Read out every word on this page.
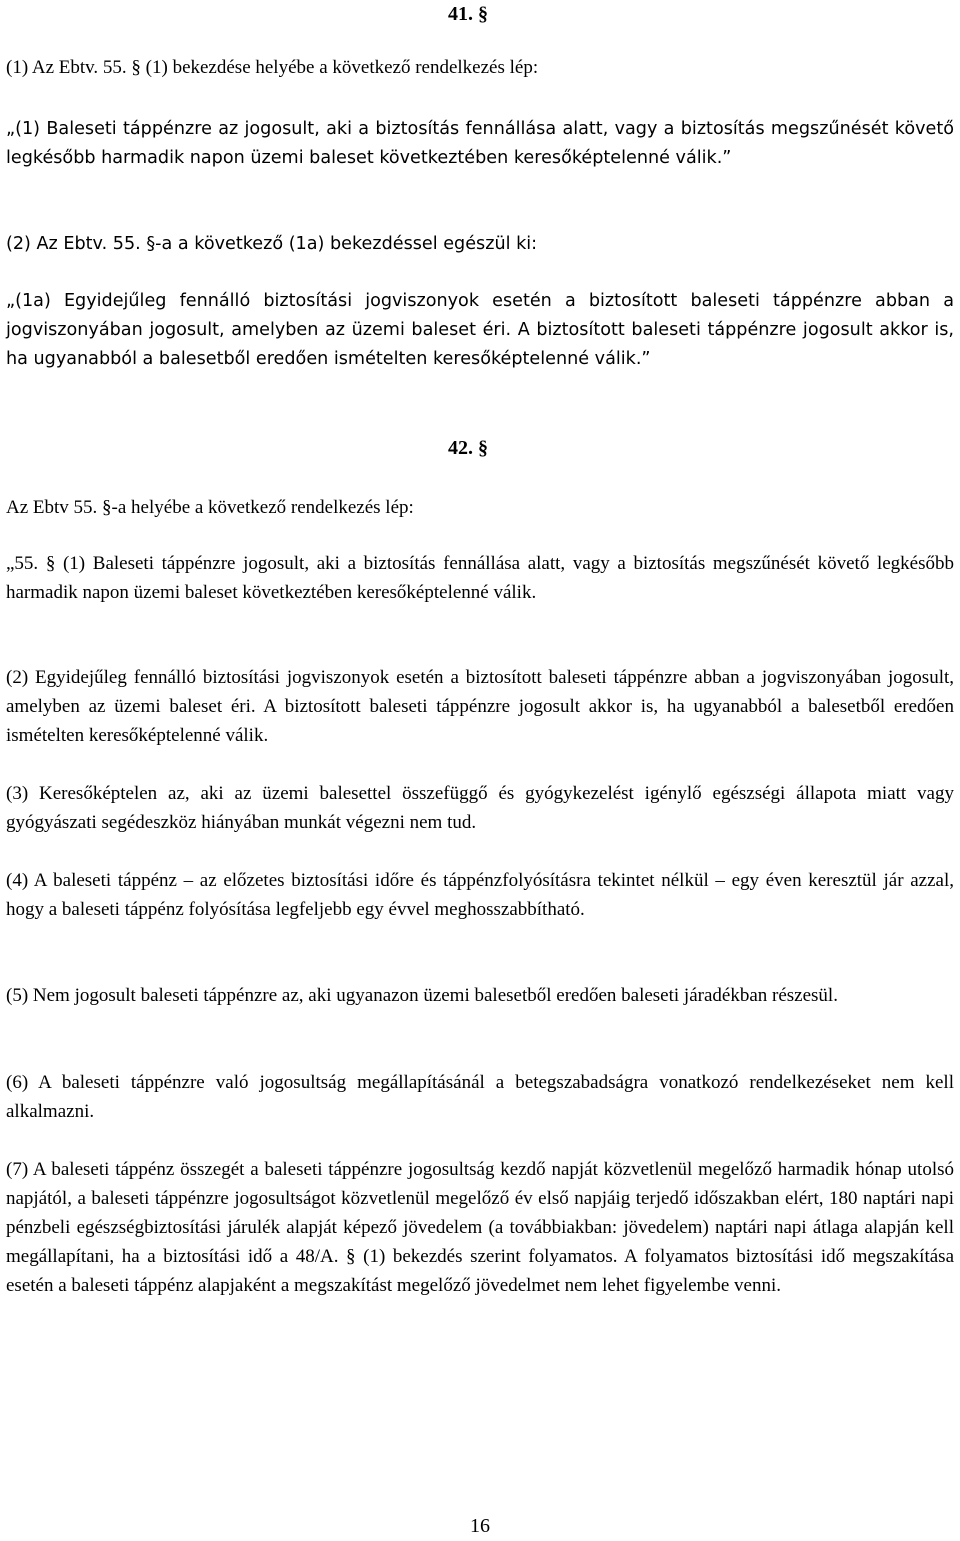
41. §

(1) Az Ebtv. 55. § (1) bekezdése helyébe a következő rendelkezés lép:

„(1) Baleseti táppénzre az jogosult, aki a biztosítás fennállása alatt, vagy a biztosítás megszűnését követő legkésőbb harmadik napon üzemi baleset következtében keresőképtelenné válik.”

(2) Az Ebtv. 55. §-a a következő (1a) bekezdéssel egészül ki:

„(1a) Egyidejűleg fennálló biztosítási jogviszonyok esetén a biztosított baleseti táppénzre abban a jogviszonyában jogosult, amelyben az üzemi baleset éri. A biztosított baleseti táppénzre jogosult akkor is, ha ugyanabból a balesetből eredően ismételten keresőképtelenné válik.”

42. §

Az Ebtv 55. §-a helyébe a következő rendelkezés lép:

„55. § (1) Baleseti táppénzre jogosult, aki a biztosítás fennállása alatt, vagy a biztosítás megszűnését követő legkésőbb harmadik napon üzemi baleset következtében keresőképtelenné válik.

(2) Egyidejűleg fennálló biztosítási jogviszonyok esetén a biztosított baleseti táppénzre abban a jogviszonyában jogosult, amelyben az üzemi baleset éri. A biztosított baleseti táppénzre jogosult akkor is, ha ugyanabból a balesetből eredően ismételten keresőképtelenné válik.

(3) Keresőképtelen az, aki az üzemi balesettel összefüggő és gyógykezelést igénylő egészségi állapota miatt vagy gyógyászati segédeszköz hiányában munkát végezni nem tud.

(4) A baleseti táppénz – az előzetes biztosítási időre és táppénzfolyósításra tekintet nélkül – egy éven keresztül jár azzal, hogy a baleseti táppénz folyósítása legfeljebb egy évvel meghosszabbítható.

(5) Nem jogosult baleseti táppénzre az, aki ugyanazon üzemi balesetből eredően baleseti járadékban részesül.

(6) A baleseti táppénzre való jogosultság megállapításánál a betegszabadságra vonatkozó rendelkezéseket nem kell alkalmazni.

(7) A baleseti táppénz összegét a baleseti táppénzre jogosultság kezdő napját közvetlenül megelőző harmadik hónap utolsó napjától, a baleseti táppénzre jogosultságot közvetlenül megelőző év első napjáig terjedő időszakban elért, 180 naptári napi pénzbeli egészségbiztosítási járulék alapját képező jövedelem (a továbbiakban: jövedelem) naptári napi átlaga alapján kell megállapítani, ha a biztosítási idő a 48/A. § (1) bekezdés szerint folyamatos. A folyamatos biztosítási idő megszakítása esetén a baleseti táppénz alapjaként a megszakítást megelőző jövedelmet nem lehet figyelembe venni.

16
